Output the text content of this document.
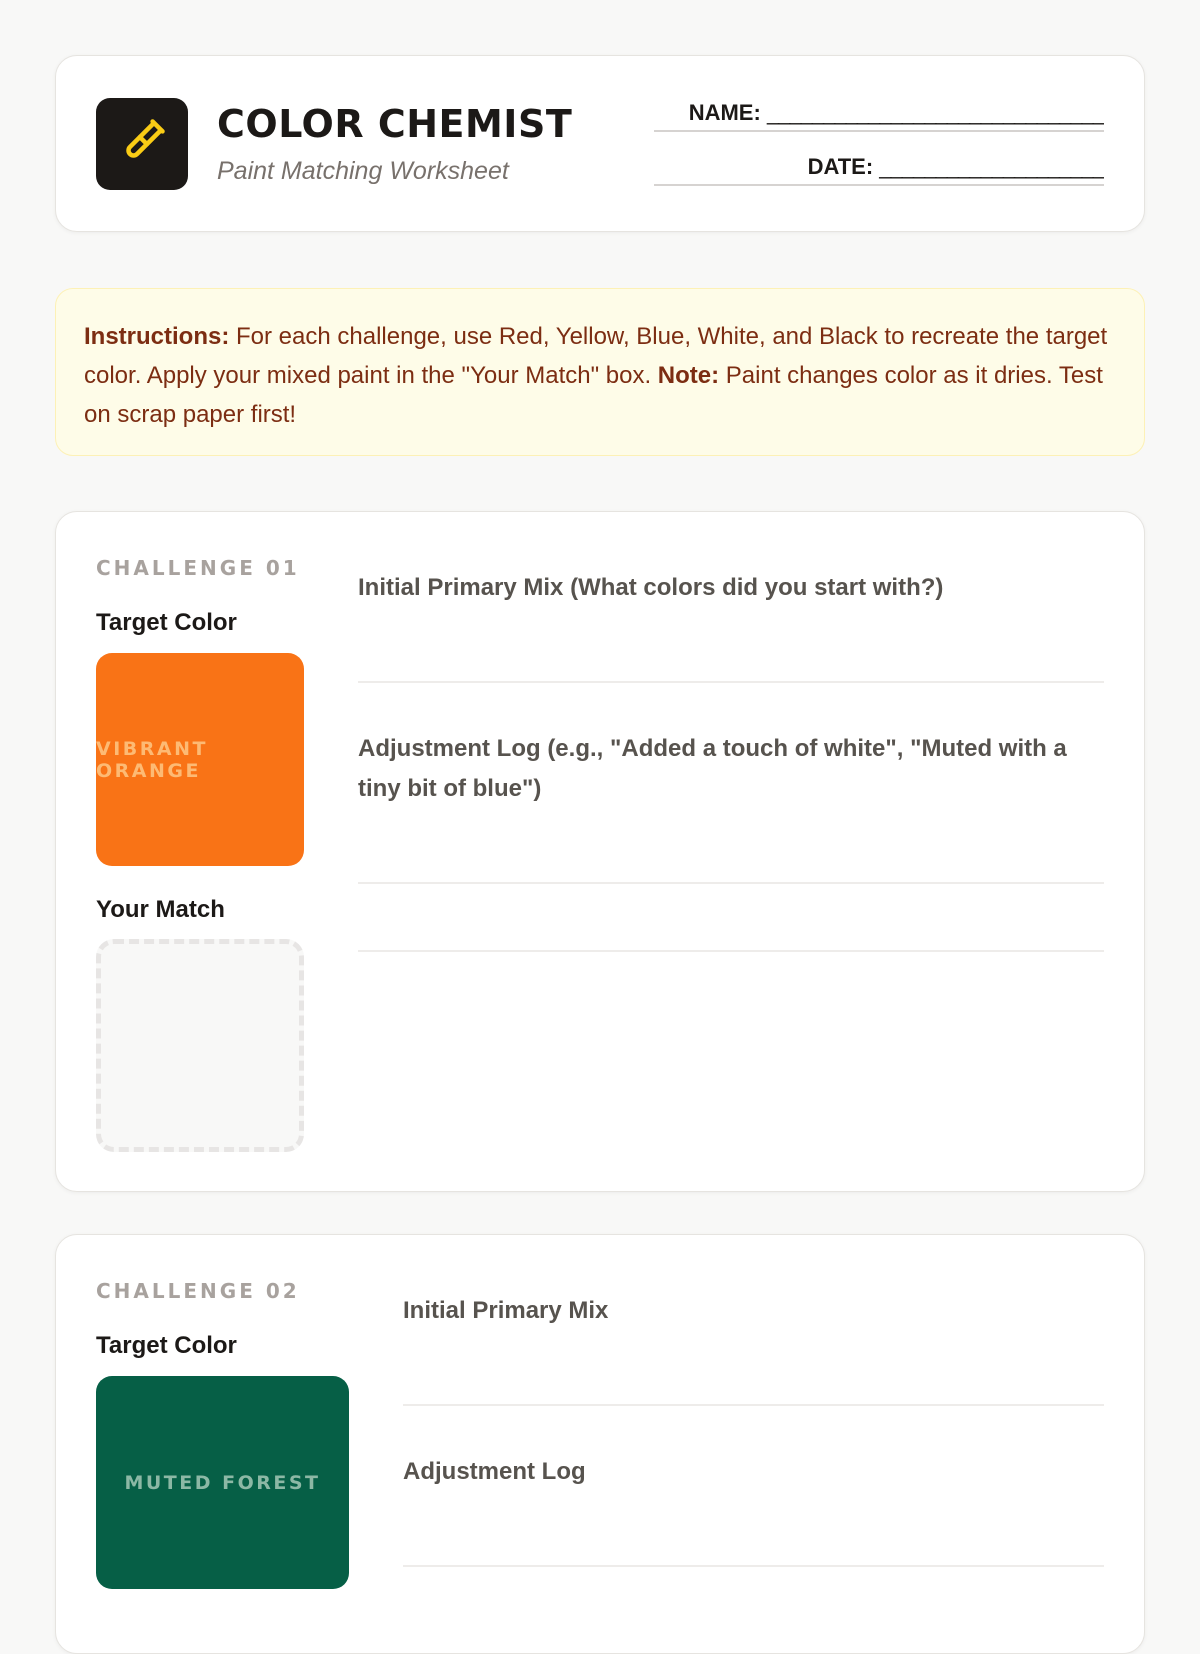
COLOR CHEMIST
Paint Matching Worksheet
NAME: ______________________________
DATE: ____________________
Instructions: For each challenge, use Red, Yellow, Blue, White, and Black to recreate the target color. Apply your mixed paint in the "Your Match" box. Note: Paint changes color as it dries. Test on scrap paper first!
CHALLENGE 01
Target Color
VIBRANT ORANGE
Your Match
Initial Primary Mix (What colors did you start with?)
Adjustment Log (e.g., "Added a touch of white", "Muted with a tiny bit of blue")
CHALLENGE 02
Target Color
MUTED FOREST
Initial Primary Mix
Adjustment Log
